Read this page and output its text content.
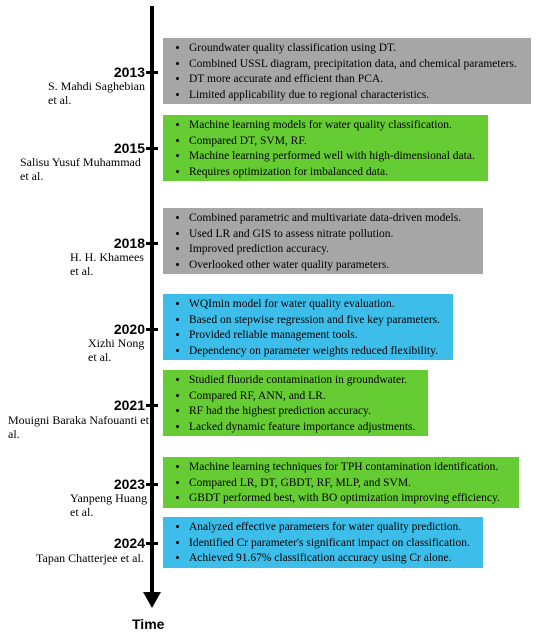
Time
2013
S. Mahdi Saghebian et al.
• Groundwater quality classification using DT.
• Combined USSL diagram, precipitation data, and chemical parameters.
• DT more accurate and efficient than PCA.
• Limited applicability due to regional characteristics.
2015
Salisu Yusuf Muhammad et al.
• Machine learning models for water quality classification.
• Compared DT, SVM, RF.
• Machine learning performed well with high-dimensional data.
• Requires optimization for imbalanced data.
2018
H. H. Khamees et al.
• Combined parametric and multivariate data-driven models.
• Used LR and GIS to assess nitrate pollution.
• Improved prediction accuracy.
• Overlooked other water quality parameters.
2020
Xizhi Nong et al.
• WQImin model for water quality evaluation.
• Based on stepwise regression and five key parameters.
• Provided reliable management tools.
• Dependency on parameter weights reduced flexibility.
2021
Mouigni Baraka Nafouanti et al.
• Studied fluoride contamination in groundwater.
• Compared RF, ANN, and LR.
• RF had the highest prediction accuracy.
• Lacked dynamic feature importance adjustments.
2023
Yanpeng Huang et al.
• Machine learning techniques for TPH contamination identification.
• Compared LR, DT, GBDT, RF, MLP, and SVM.
• GBDT performed best, with BO optimization improving efficiency.
2024
Tapan Chatterjee et al.
• Analyzed effective parameters for water quality prediction.
• Identified Cr parameter's significant impact on classification.
• Achieved 91.67% classification accuracy using Cr alone.
